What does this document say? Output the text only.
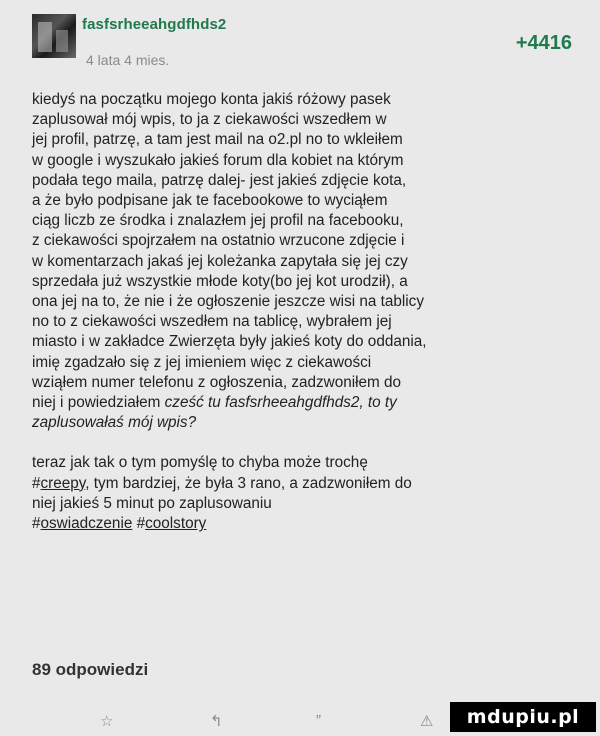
fasfsrheeahgdfhds2
4 lata 4 mies.
+4416
kiedyś na początku mojego konta jakiś różowy pasek
zaplusował mój wpis, to ja z ciekawości wszedłem w
jej profil, patrzę, a tam jest mail na o2.pl no to wkleiłem
w google i wyszukało jakieś forum dla kobiet na którym
podała tego maila, patrzę dalej- jest jakieś zdjęcie kota,
a że było podpisane jak te facebookowe to wyciąłem
ciąg liczb ze środka i znalazłem jej profil na facebooku,
z ciekawości spojrzałem na ostatnio wrzucone zdjęcie i
w komentarzach jakaś jej koleżanka zapytała się jej czy
sprzedała już wszystkie młode koty(bo jej kot urodził), a
ona jej na to, że nie i że ogłoszenie jeszcze wisi na tablicy
no to z ciekawości wszedłem na tablicę, wybrałem jej
miasto i w zakładce Zwierzęta były jakieś koty do oddania,
imię zgadzało się z jej imieniem więc z ciekawości
wziąłem numer telefonu z ogłoszenia, zadzwoniłem do
niej i powiedziałem cześć tu fasfsrheeahgdfhds2, to ty
zaplusowałaś mój wpis?
teraz jak tak o tym pomyślę to chyba może trochę
#creepy, tym bardziej, że była 3 rano, a zadzwoniłem do
niej jakieś 5 minut po zaplusowaniu
#oswiadczenie #coolstory
89 odpowiedzi
☆	↰	”	⚠	mdupiu.pl
